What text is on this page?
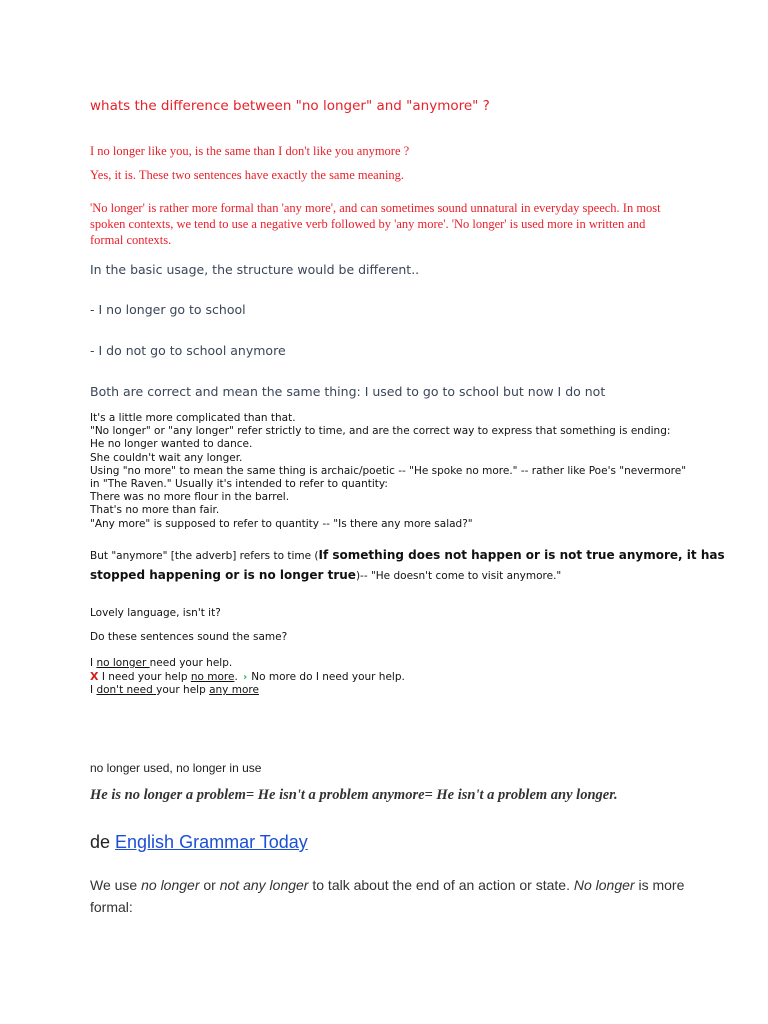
whats the difference between "no longer" and "anymore" ?

I no longer like you, is the same than I don't like you anymore ?

Yes, it is. These two sentences have exactly the same meaning.

'No longer' is rather more formal than 'any more', and can sometimes sound unnatural in everyday speech. In most spoken contexts, we tend to use a negative verb followed by 'any more'. 'No longer' is used more in written and formal contexts.

In the basic usage, the structure would be different..

- I no longer go to school

- I do not go to school anymore

Both are correct and mean the same thing: I used to go to school but now I do not

It's a little more complicated than that.
"No longer" or "any longer" refer strictly to time, and are the correct way to express that something is ending:
He no longer wanted to dance.
She couldn't wait any longer.
Using "no more" to mean the same thing is archaic/poetic -- "He spoke no more." -- rather like Poe's "nevermore"
in "The Raven." Usually it's intended to refer to quantity:
There was no more flour in the barrel.
That's no more than fair.
"Any more" is supposed to refer to quantity -- "Is there any more salad?"
But "anymore" [the adverb] refers to time (If something does not happen or is not true anymore, it has
stopped happening or is no longer true)-- "He doesn't come to visit anymore."

Lovely language, isn't it?

Do these sentences sound the same?

I no longer need your help.
X I need your help no more. › No more do I need your help.
I don't need your help any more

no longer used, no longer in use

He is no longer a problem= He isn't a problem anymore= He isn't a problem any longer.

de English Grammar Today

We use no longer or not any longer to talk about the end of an action or state. No longer is more formal:
